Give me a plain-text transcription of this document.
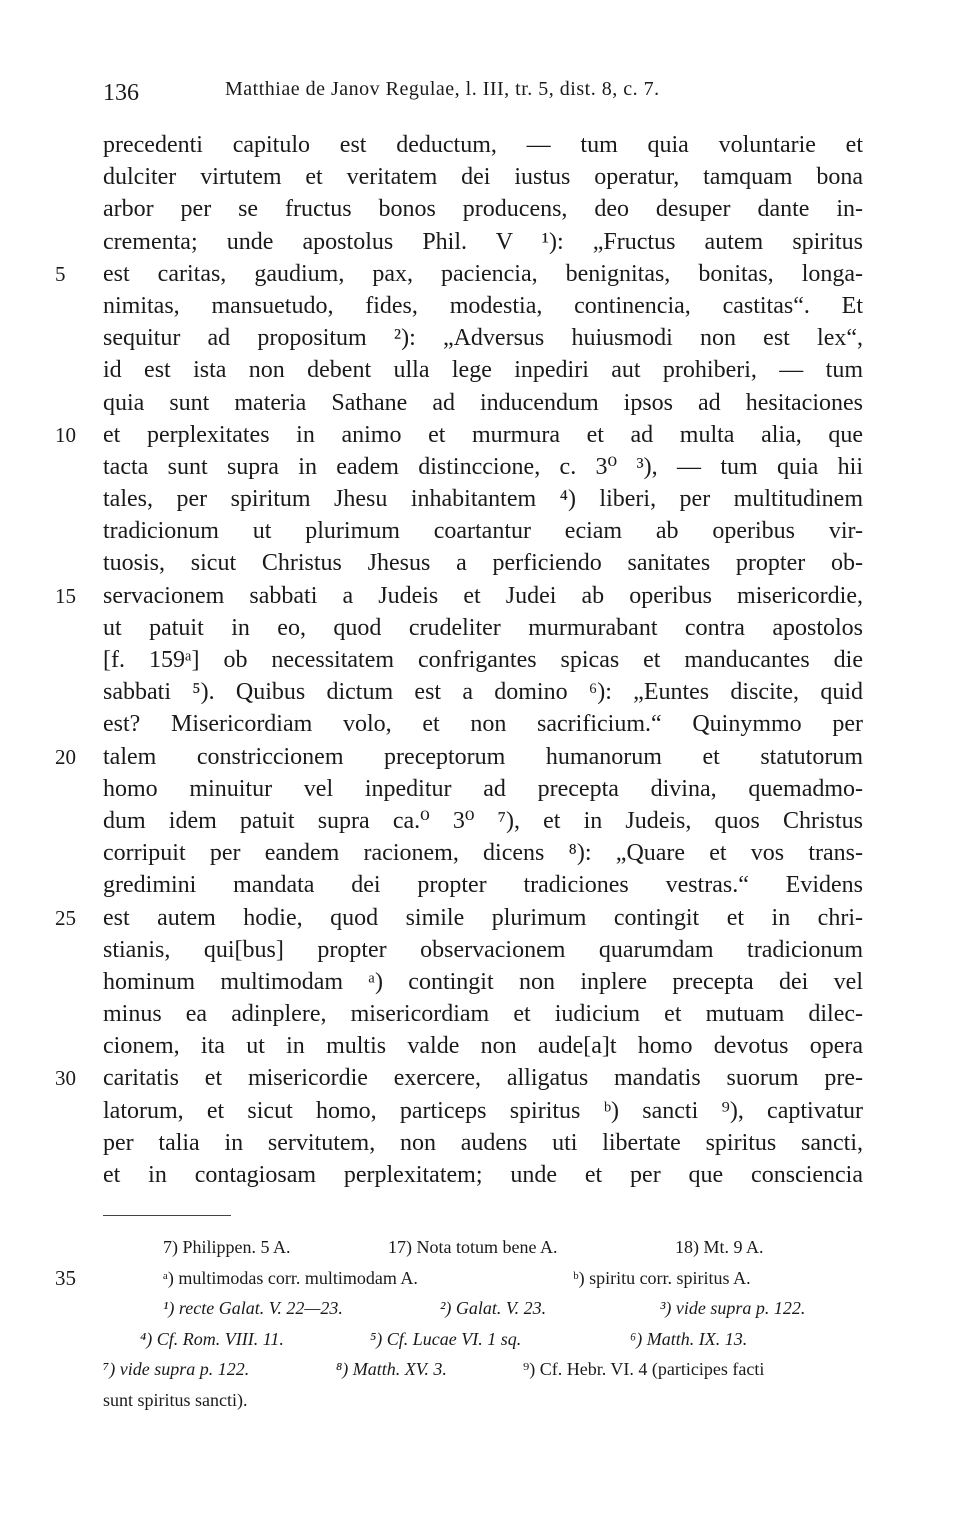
136	Matthiae de Janov Regulae, l. III, tr. 5, dist. 8, c. 7.
precedenti capitulo est deductum, — tum quia voluntarie et
dulciter virtutem et veritatem dei iustus operatur, tamquam bona
arbor per se fructus bonos producens, deo desuper dante in-
crementa; unde apostolus Phil. V ¹): „Fructus autem spiritus
est caritas, gaudium, pax, paciencia, benignitas, bonitas, longa-
5
nimitas, mansuetudo, fides, modestia, continencia, castitas“. Et
sequitur ad propositum ²): „Adversus huiusmodi non est lex“,
id est ista non debent ulla lege inpediri aut prohiberi, — tum
quia sunt materia Sathane ad inducendum ipsos ad hesitaciones
et perplexitates in animo et murmura et ad multa alia, que
10
tacta sunt supra in eadem distinccione, c. 3⁰ ³), — tum quia hii
tales, per spiritum Jhesu inhabitantem ⁴) liberi, per multitudinem
tradicionum ut plurimum coartantur eciam ab operibus vir-
tuosis, sicut Christus Jhesus a perficiendo sanitates propter ob-
servacionem sabbati a Judeis et Judei ab operibus misericordie,
15
ut patuit in eo, quod crudeliter murmurabant contra apostolos
[f. 159ᵃ] ob necessitatem confrigantes spicas et manducantes die
sabbati ⁵). Quibus dictum est a domino ⁶): „Euntes discite, quid
est? Misericordiam volo, et non sacrificium.“ Quinymmo per
talem constriccionem preceptorum humanorum et statutorum
20
homo minuitur vel inpeditur ad precepta divina, quemadmo-
dum idem patuit supra ca.⁰ 3⁰ ⁷), et in Judeis, quos Christus
corripuit per eandem racionem, dicens ⁸): „Quare et vos trans-
gredimini mandata dei propter tradiciones vestras.“ Evidens
est autem hodie, quod simile plurimum contingit et in chri-
25
stianis, qui[bus] propter observacionem quarumdam tradicionum
hominum multimodam ᵃ) contingit non inplere precepta dei vel
minus ea adinplere, misericordiam et iudicium et mutuam dilec-
cionem, ita ut in multis valde non aude[a]t homo devotus opera
caritatis et misericordie exercere, alligatus mandatis suorum pre-
30
latorum, et sicut homo, particeps spiritus ᵇ) sancti ⁹), captivatur
per talia in servitutem, non audens uti libertate spiritus sancti,
et in contagiosam perplexitatem; unde et per que consciencia
7) Philippen. 5 A.	17) Nota totum bene A.	18) Mt. 9 A.
35	ᵃ) multimodas corr. multimodam A.	ᵇ) spiritu corr. spiritus A.
¹) recte Galat. V. 22—23.	²) Galat. V. 23.	³) vide supra p. 122.
⁴) Cf. Rom. VIII. 11.	⁵) Cf. Lucae VI. 1 sq.	⁶) Matth. IX. 13.
⁷) vide supra p. 122.	⁸) Matth. XV. 3.	⁹) Cf. Hebr. VI. 4 (participes facti
sunt spiritus sancti).
